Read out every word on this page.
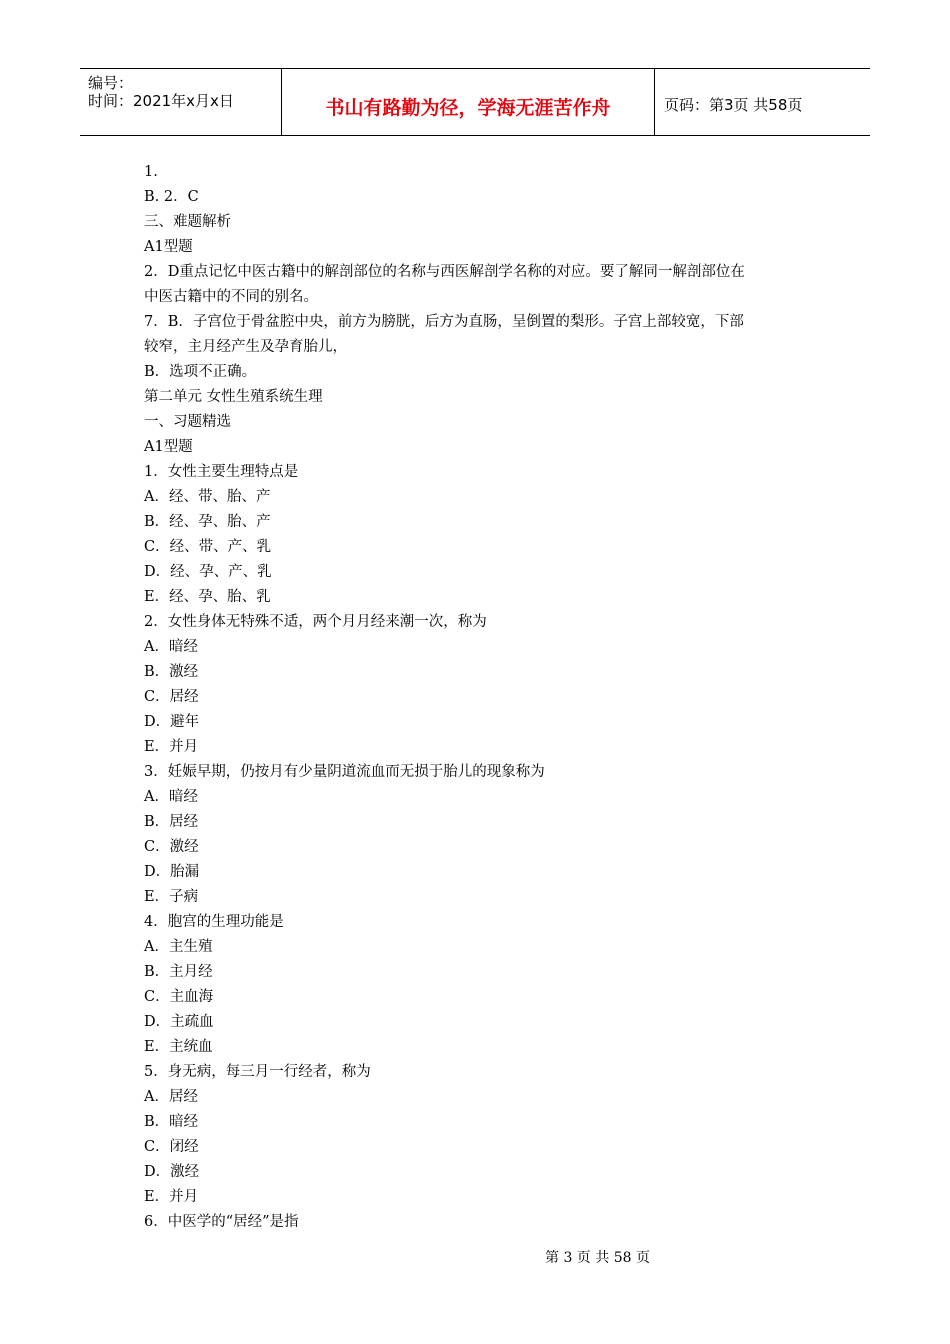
编号：
时间：2021年x月x日	书山有路勤为径，学海无涯苦作舟	页码：第3页 共58页
1.
B. 2．C
三、难题解析
A1型题
2．D重点记忆中医古籍中的解剖部位的名称与西医解剖学名称的对应。要了解同一解剖部位在
中医古籍中的不同的别名。
7．B．子宫位于骨盆腔中央，前方为膀胱，后方为直肠，呈倒置的梨形。子宫上部较宽，下部
较窄，主月经产生及孕育胎儿，
B．选项不正确。
第二单元 女性生殖系统生理
一、习题精选
A1型题
1．女性主要生理特点是
A．经、带、胎、产
B．经、孕、胎、产
C．经、带、产、乳
D．经、孕、产、乳
E．经、孕、胎、乳
2．女性身体无特殊不适，两个月月经来潮一次，称为
A．暗经
B．激经
C．居经
D．避年
E．并月
3．妊娠早期，仍按月有少量阴道流血而无损于胎儿的现象称为
A．暗经
B．居经
C．激经
D．胎漏
E．子病
4．胞宫的生理功能是
A．主生殖
B．主月经
C．主血海
D．主疏血
E．主统血
5．身无病，每三月一行经者，称为
A．居经
B．暗经
C．闭经
D．激经
E．并月
6．中医学的“居经”是指
第 3 页 共 58 页
